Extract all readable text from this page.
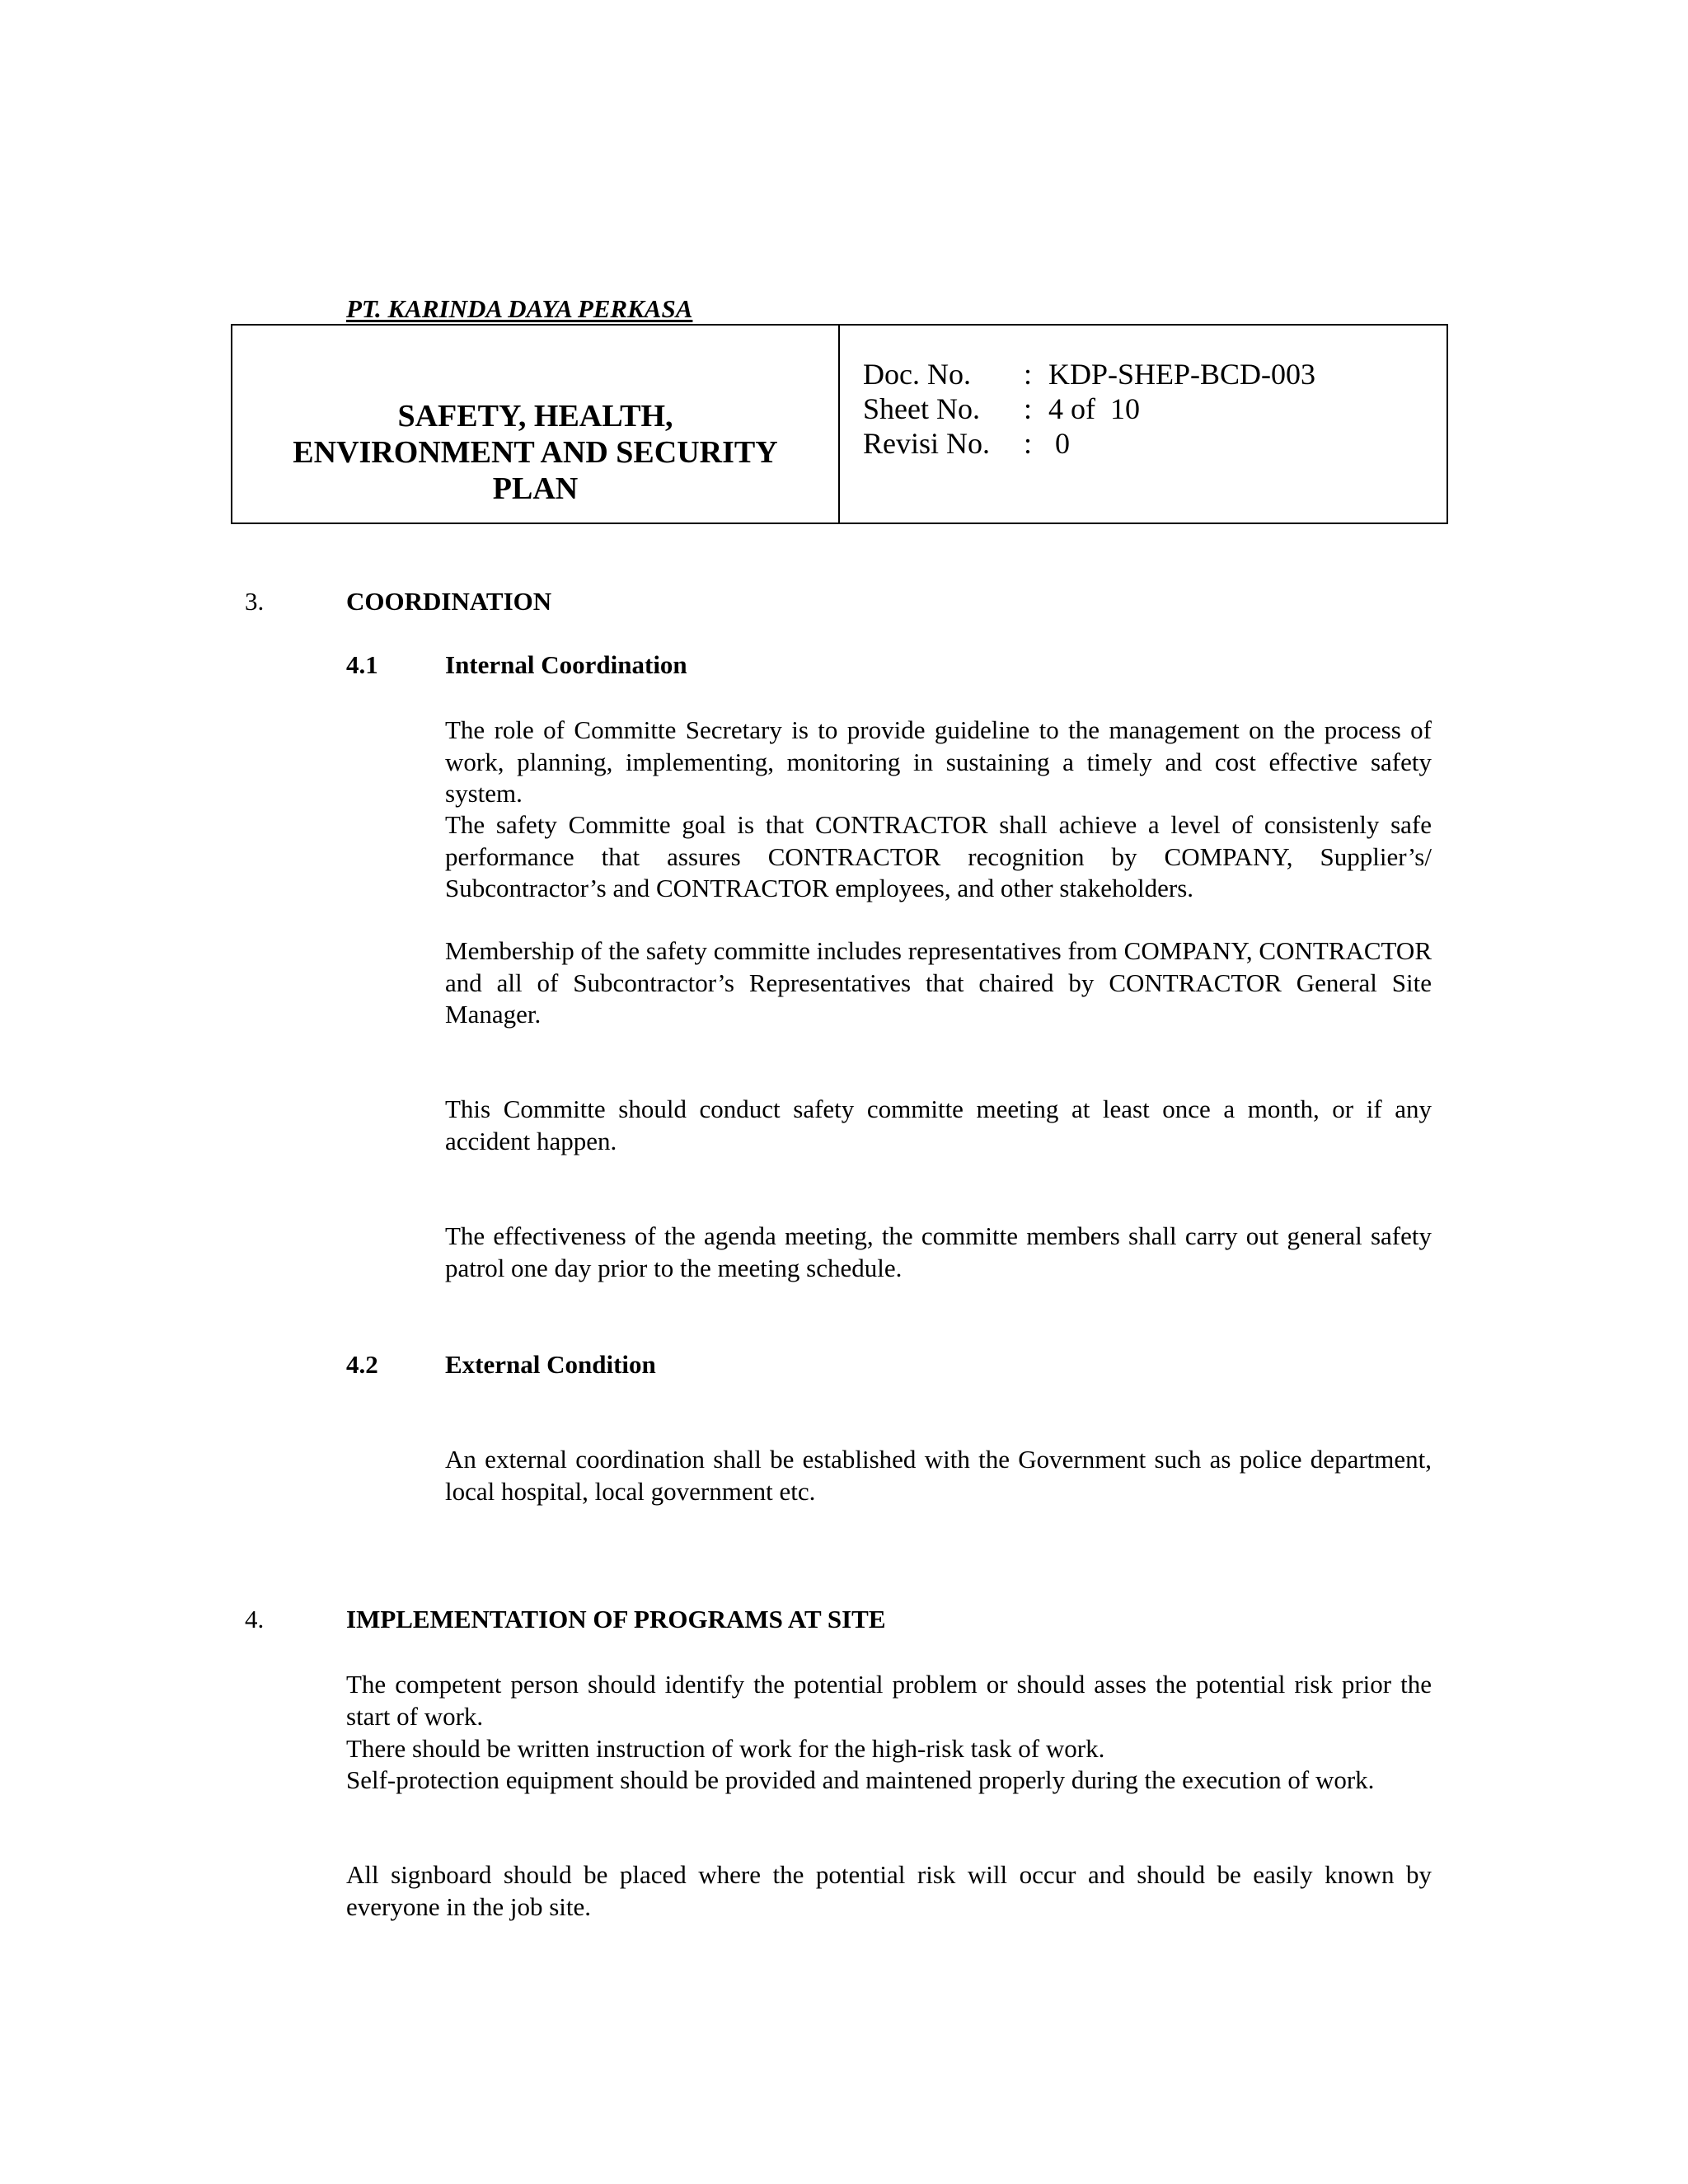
PT. KARINDA DAYA PERKASA
SAFETY, HEALTH,
ENVIRONMENT AND SECURITY
PLAN
Doc. No.	: KDP-SHEP-BCD-003
Sheet No.	: 4 of  10
Revisi No.	: 0
3.	COORDINATION
4.1	Internal Coordination
The role of Committe Secretary is to provide guideline to the management on the process of work, planning, implementing, monitoring in sustaining a timely and cost effective safety system.
The safety Committe goal is that CONTRACTOR shall achieve a level of consistenly safe performance that assures CONTRACTOR recognition by COMPANY, Supplier’s/ Subcontractor’s and CONTRACTOR employees, and other stakeholders.
Membership of the safety committe includes representatives from COMPANY, CONTRACTOR and all of Subcontractor’s Representatives that chaired by CONTRACTOR General Site Manager.
This Committe should conduct safety committe meeting at least once a month, or if any accident happen.
The effectiveness of the agenda meeting, the committe members shall carry out general safety patrol one day prior to the meeting schedule.
4.2	External Condition
An external coordination shall be established with the Government such as police department, local hospital, local government etc.
4.	IMPLEMENTATION OF PROGRAMS AT SITE
The competent person should identify the potential problem or should asses the potential risk prior the start of work.
There should be written instruction of work for the high-risk task of work.
Self-protection equipment should be provided and maintened properly during the execution of work.
All signboard should be placed where the potential risk will occur and should be easily known by everyone in the job site.
